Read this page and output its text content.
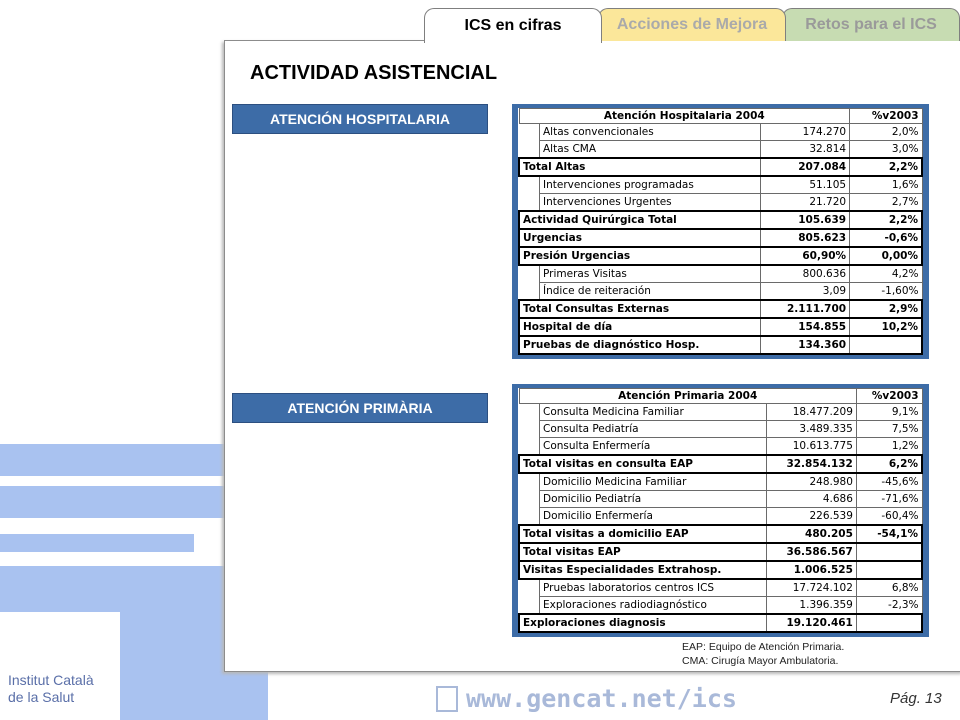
ICS en cifras	Acciones de Mejora	Retos para el ICS
ACTIVIDAD ASISTENCIAL
ATENCIÓN HOSPITALARIA
ATENCIÓN PRIMÀRIA
Atención Hospitalaria 2004			%v2003
	Altas convencionales	174.270	2,0%
	Altas CMA	32.814	3,0%
Total Altas		207.084	2,2%
	Intervenciones programadas	51.105	1,6%
	Intervenciones Urgentes	21.720	2,7%
Actividad Quirúrgica Total		105.639	2,2%
Urgencias		805.623	-0,6%
Presión Urgencias		60,90%	0,00%
	Primeras Visitas	800.636	4,2%
	Índice de reiteración	3,09	-1,60%
Total Consultas Externas		2.111.700	2,9%
Hospital de día		154.855	10,2%
Pruebas de diagnóstico Hosp.		134.360	
Atención Primaria 2004			%v2003
	Consulta Medicina Familiar	18.477.209	9,1%
	Consulta Pediatría	3.489.335	7,5%
	Consulta Enfermería	10.613.775	1,2%
Total visitas en consulta EAP		32.854.132	6,2%
	Domicilio Medicina Familiar	248.980	-45,6%
	Domicilio Pediatría	4.686	-71,6%
	Domicilio Enfermería	226.539	-60,4%
Total visitas a domicilio EAP		480.205	-54,1%
Total visitas EAP		36.586.567	
Visitas Especialidades Extrahosp.		1.006.525	
	Pruebas laboratorios centros ICS	17.724.102	6,8%
	Exploraciones radiodiagnóstico	1.396.359	-2,3%
Exploraciones diagnosis		19.120.461	
EAP: Equipo de Atención Primaria.
CMA: Cirugía Mayor Ambulatoria.
Institut Català
de la Salut	www.gencat.net/ics	Pág. 13
